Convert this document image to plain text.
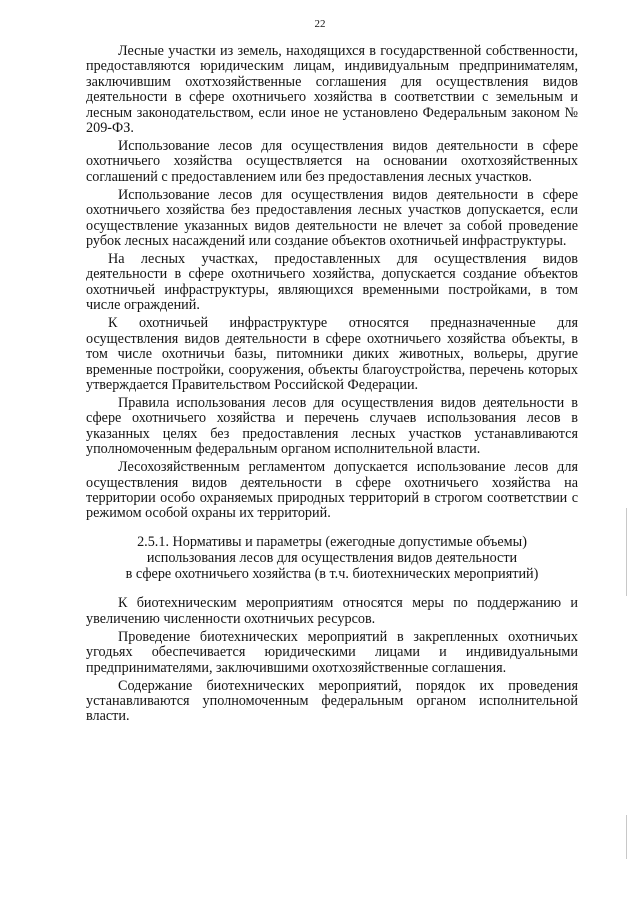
22

Лесные участки из земель, находящихся в государственной собственности, предоставляются юридическим лицам, индивидуальным предпринимателям, заключившим охотхозяйственные соглашения для осуществления видов деятельности в сфере охотничьего хозяйства в соответствии с земельным и лесным законодательством, если иное не установлено Федеральным законом № 209-ФЗ.

Использование лесов для осуществления видов деятельности в сфере охотничьего хозяйства осуществляется на основании охотхозяйственных соглашений с предоставлением или без предоставления лесных участков.

Использование лесов для осуществления видов деятельности в сфере охотничьего хозяйства без предоставления лесных участков допускается, если осуществление указанных видов деятельности не влечет за собой проведение рубок лесных насаждений или создание объектов охотничьей инфраструктуры.

На лесных участках, предоставленных для осуществления видов деятельности в сфере охотничьего хозяйства, допускается создание объектов охотничьей инфраструктуры, являющихся временными постройками, в том числе ограждений.

К охотничьей инфраструктуре относятся предназначенные для осуществления видов деятельности в сфере охотничьего хозяйства объекты, в том числе охотничьи базы, питомники диких животных, вольеры, другие временные постройки, сооружения, объекты благоустройства, перечень которых утверждается Правительством Российской Федерации.

Правила использования лесов для осуществления видов деятельности в сфере охотничьего хозяйства и перечень случаев использования лесов в указанных целях без предоставления лесных участков устанавливаются уполномоченным федеральным органом исполнительной власти.

Лесохозяйственным регламентом допускается использование лесов для осуществления видов деятельности в сфере охотничьего хозяйства на территории особо охраняемых природных территорий в строгом соответствии с режимом особой охраны их территорий.

2.5.1. Нормативы и параметры (ежегодные допустимые объемы)
использования лесов для осуществления видов деятельности
в сфере охотничьего хозяйства (в т.ч. биотехнических мероприятий)

К биотехническим мероприятиям относятся меры по поддержанию и увеличению численности охотничьих ресурсов.

Проведение биотехнических мероприятий в закрепленных охотничьих угодьях обеспечивается юридическими лицами и индивидуальными предпринимателями, заключившими охотхозяйственные соглашения.

Содержание биотехнических мероприятий, порядок их проведения устанавливаются уполномоченным федеральным органом исполнительной власти.
